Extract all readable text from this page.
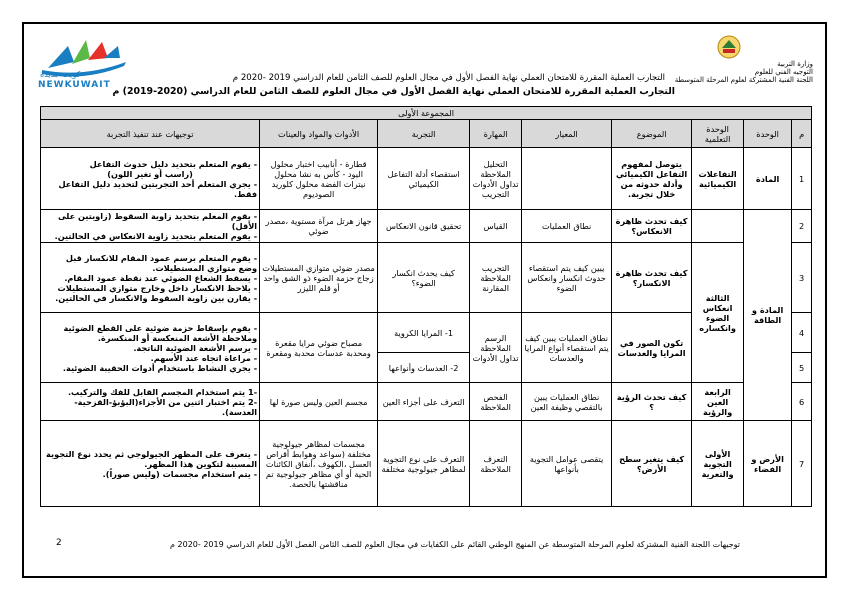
كويت جديدة
NEWKUWAIT
وزارة التربية
التوجيه الفني للعلوم
اللجنة الفنية المشتركة لعلوم المرحلة المتوسطة
التجارب العملية المقررة للامتحان العملي نهاية الفصل الأول في مجال العلوم للصف الثامن للعام الدراسي 2019 -2020 م
التجارب العملية المقررة للامتحان العملي نهاية الفصل الأول في مجال العلوم للصف الثامن للعام الدراسي (2020-2019) م
المجموعة الأولى								
م	الوحدة	الوحدة التعلمية	الموضوع	المعيار	المهارة	التجربة	الأدوات والمواد والعينات	توجيهات عند تنفيذ التجربة
1	المادة	التفاعلات الكيميائية	يتوصل لمفهوم التفاعل الكيميائي وأدلة حدوثه من خلال تجربة.		التحليل الملاحظة تداول الأدوات التجريب	استقصاء أدلة التفاعل الكيميائي	قطارة - أنابيب اختبار محلول اليود - كأس به نشا محلول نيترات الفضة محلول كلوريد الصوديوم	- يقوم المتعلم بتحديد دليل حدوث التفاعل
(راسب أو تغير اللون)
- يجري المتعلم أحد التجربتين لتحديد دليل التفاعل فقط.

2	المادة و الطاقة		كيف تحدث ظاهرة الانعكاس؟	نطاق العمليات	القياس	تحقيق قانون الانعكاس	جهاز هرتل مرآة مستوية ،مصدر ضوئي	- يقوم المعلم بتحديد زاوية السقوط (زاويتين على الأقل)
- يقوم المتعلم بتحديد زاوية الانعكاس في الحالتين.

3		الثالثة انعكاس الضوء وانكساره	كيف تحدث ظاهرة الانكسار؟	يبين كيف يتم استقصاء حدوث انكسار وانعكاس الضوء	التجريب الملاحظة المقارنة	كيف يحدث انكسار الضوء؟	مصدر ضوئي متوازي المستطيلات زجاج حزمة الضوء ذو الشق واحد أو قلم الليزر	- يقوم المتعلم برسم عمود المقام للانكسار قبل
وضع متوازي المستطيلات.
- يسقط الشعاع الضوئي عند نقطة عمود المقام.
- يلاحظ الانكسار داخل وخارج متوازي المستطيلات
- يقارن بين زاوية السقوط والانكسار في الحالتين.

4			تكون الصور في المرايا والعدسات	نطاق العمليات يبين كيف يتم استقصاء أنواع المرايا والعدسات	الرسم الملاحظة تداول الأدوات	1- المرايا الكروية	مصباح ضوئي مرايا مقعرة ومحدبة عدسات محدبة ومقعرة	- يقوم بإسقاط حزمة ضوئية على القطع الضوئية
وملاحظة الأشعة المنعكسة أو المنكسرة.
- يرسم الأشعة الضوئية الناتجة.
- مراعاة اتجاه عند الأسهم.
- يجري النشاط باستخدام أدوات الحقيبة الضوئية.

5						2- العدسات وأنواعها		
6		الرابعة العين والرؤية	كيف تحدث الرؤية ؟	نطاق العمليات يبين بالتقصي وظيفة العين	الفحص الملاحظة	التعرف على أجزاء العين	مجسم العين وليس صورة لها	-1 يتم استخدام المجسم القابل للفك والتركيب.
-2 يتم اختبار اثنين من الأجزاء(البؤبؤ-القزحية-العدسة).

7	الأرض و الفضاء	الأولى التجوية والتعرية	كيف يتغير سطح الأرض؟	يتقصى عوامل التجوية بأنواعها	التعرف الملاحظة	التعرف على نوع التجوية لمظاهر جيولوجية مختلفة	مجسمات لمظاهر جيولوجية مختلفة (سواعد وهوابط أقراص العسل ،الكهوف ،أنفاق الكائنات الحية أو أي مظاهر جيولوجية تم مناقشتها بالحصة.	- يتعرف على المظهر الجيولوجي ثم يحدد نوع التجوية
المسببة لتكوين هذا المظهر.
- يتم استخدام مجسمات (وليس صوراً).
توجيهات اللجنة الفنية المشتركة لعلوم المرحلة المتوسطة عن المنهج الوطني القائم على الكفايات في مجال العلوم للصف الثامن الفصل الأول للعام الدراسي 2019 -2020 م
2
